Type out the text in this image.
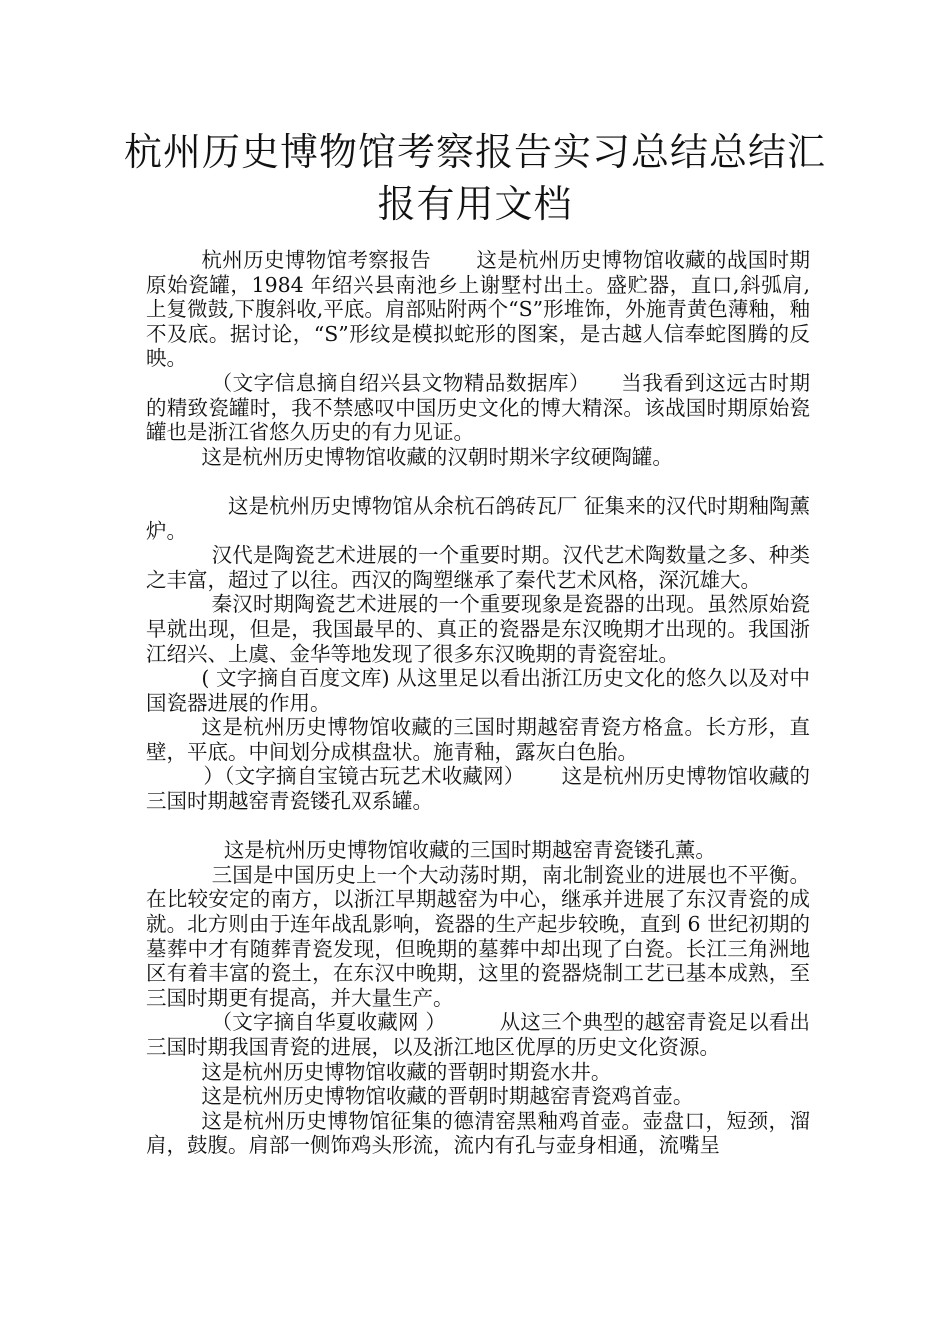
杭州历史博物馆考察报告实习总结总结汇
报有用文档

杭州历史博物馆考察报告 这是杭州历史博物馆收藏的战国时期原始瓷罐，1984 年绍兴县南池乡上谢墅村出土。盛贮器，直口,斜弧肩,上复微鼓,下腹斜收,平底。肩部贴附两个“S”形堆饰，外施青黄色薄釉，釉不及底。据讨论，“S”形纹是模拟蛇形的图案，是古越人信奉蛇图腾的反映。

（文字信息摘自绍兴县文物精品数据库） 当我看到这远古时期的精致瓷罐时，我不禁感叹中国历史文化的博大精深。该战国时期原始瓷罐也是浙江省悠久历史的有力见证。

这是杭州历史博物馆收藏的汉朝时期米字纹硬陶罐。

这是杭州历史博物馆从余杭石鸽砖瓦厂 征集来的汉代时期釉陶薰炉。

汉代是陶瓷艺术进展的一个重要时期。汉代艺术陶数量之多、种类之丰富，超过了以往。西汉的陶塑继承了秦代艺术风格，深沉雄大。

秦汉时期陶瓷艺术进展的一个重要现象是瓷器的出现。虽然原始瓷早就出现，但是，我国最早的、真正的瓷器是东汉晚期才出现的。我国浙江绍兴、上虞、金华等地发现了很多东汉晚期的青瓷窑址。

( 文字摘自百度文库) 从这里足以看出浙江历史文化的悠久以及对中国瓷器进展的作用。

这是杭州历史博物馆收藏的三国时期越窑青瓷方格盒。长方形，直壁，平底。中间划分成棋盘状。施青釉，露灰白色胎。

）（文字摘自宝镜古玩艺术收藏网） 这是杭州历史博物馆收藏的三国时期越窑青瓷镂孔双系罐。

这是杭州历史博物馆收藏的三国时期越窑青瓷镂孔薰。

三国是中国历史上一个大动荡时期，南北制瓷业的进展也不平衡。在比较安定的南方，以浙江早期越窑为中心，继承并进展了东汉青瓷的成就。北方则由于连年战乱影响，瓷器的生产起步较晚，直到 6 世纪初期的墓葬中才有随葬青瓷发现，但晚期的墓葬中却出现了白瓷。长江三角洲地区有着丰富的瓷土，在东汉中晚期，这里的瓷器烧制工艺已基本成熟，至三国时期更有提高，并大量生产。

（文字摘自华夏收藏网 ）	从这三个典型的越窑青瓷足以看出三国时期我国青瓷的进展，以及浙江地区优厚的历史文化资源。

这是杭州历史博物馆收藏的晋朝时期瓷水井。

这是杭州历史博物馆收藏的晋朝时期越窑青瓷鸡首壶。

这是杭州历史博物馆征集的德清窑黑釉鸡首壶。壶盘口，短颈，溜肩，鼓腹。肩部一侧饰鸡头形流，流内有孔与壶身相通，流嘴呈
